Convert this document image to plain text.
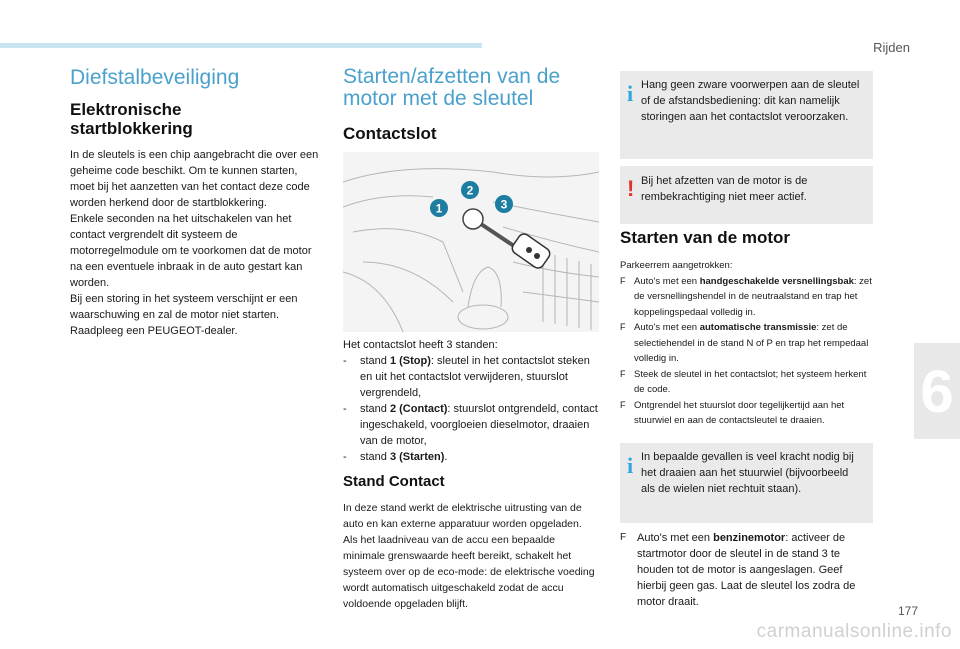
Rijden
6
177
carmanualsonline.info
Diefstalbeveiliging
Elektronische startblokkering

In de sleutels is een chip aangebracht die over een geheime code beschikt. Om te kunnen starten, moet bij het aanzetten van het contact deze code worden herkend door de startblokkering.

Enkele seconden na het uitschakelen van het contact vergrendelt dit systeem de motorregelmodule om te voorkomen dat de motor na een eventuele inbraak in de auto gestart kan worden.

Bij een storing in het systeem verschijnt er een waarschuwing en zal de motor niet starten. Raadpleeg een PEUGEOT-dealer.

Starten/afzetten van de motor met de sleutel
Contactslot
1
2
3

Het contactslot heeft 3 standen:

- stand 1 (Stop): sleutel in het contactslot steken en uit het contactslot verwijderen, stuurslot vergrendeld,
- stand 2 (Contact): stuurslot ontgrendeld, contact ingeschakeld, voorgloeien dieselmotor, draaien van de motor,
- stand 3 (Starten).
Stand Contact
In deze stand werkt de elektrische uitrusting van de auto en kan externe apparatuur worden opgeladen.
Als het laadniveau van de accu een bepaalde minimale grenswaarde heeft bereikt, schakelt het systeem over op de eco-mode: de elektrische voeding wordt automatisch uitgeschakeld zodat de accu voldoende opgeladen blijft.
i Hang geen zware voorwerpen aan de sleutel of de afstandsbediening: dit kan namelijk storingen aan het contactslot veroorzaken.

! Bij het afzetten van de motor is de rembekrachtiging niet meer actief.

Starten van de motor
Parkeerrem aangetrokken:
F Auto's met een handgeschakelde versnellingsbak: zet de versnellingshendel in de neutraalstand en trap het koppelingspedaal volledig in.
F Auto's met een automatische transmissie: zet de selectiehendel in de stand N of P en trap het rempedaal volledig in.
F Steek de sleutel in het contactslot; het systeem herkent de code.
F Ontgrendel het stuurslot door tegelijkertijd aan het stuurwiel en aan de contactsleutel te draaien.
i In bepaalde gevallen is veel kracht nodig bij het draaien aan het stuurwiel (bijvoorbeeld als de wielen niet rechtuit staan).

F Auto's met een benzinemotor: activeer de startmotor door de sleutel in de stand 3 te houden tot de motor is aangeslagen. Geef hierbij geen gas. Laat de sleutel los zodra de motor draait.
